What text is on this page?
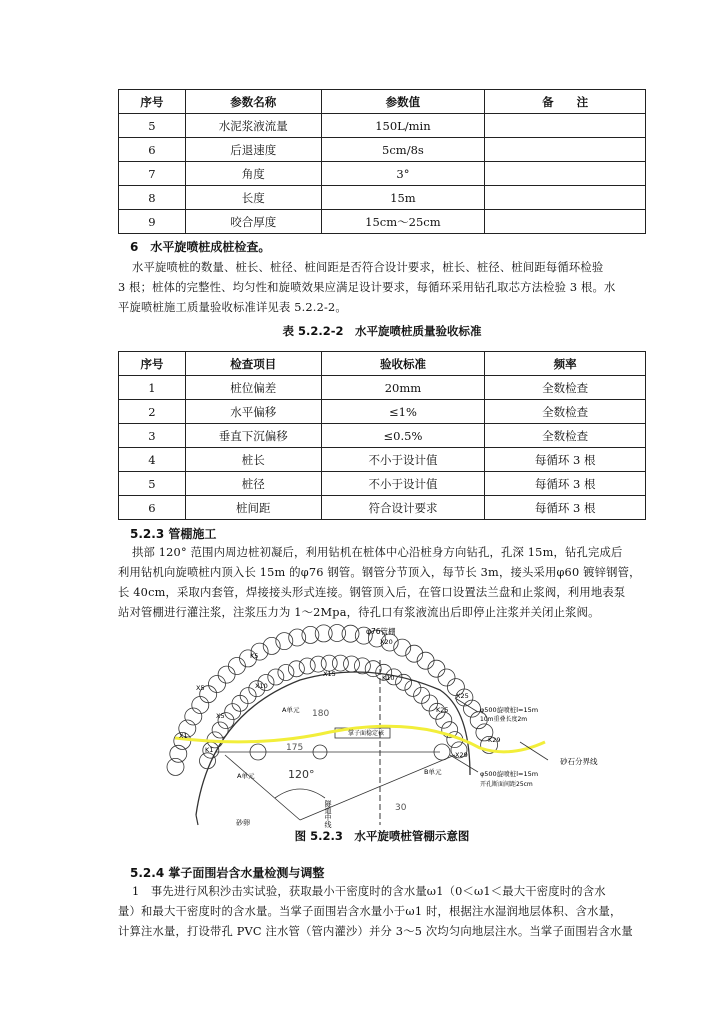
序号	参数名称	参数值	备　　注
5	水泥浆液流量	150L/min	
6	后退速度	5cm/8s	
7	角度	3°	
8	长度	15m	
9	咬合厚度	15cm～25cm	
6　水平旋喷桩成桩检查。

水平旋喷桩的数量、桩长、桩径、桩间距是否符合设计要求，桩长、桩径、桩间距每循环检验

3 根；桩体的完整性、均匀性和旋喷效果应满足设计要求，每循环采用钻孔取芯方法检验 3 根。水

平旋喷桩施工质量验收标准详见表 5.2.2-2。

表 5.2.2-2　水平旋喷桩质量验收标准
序号	检查项目	验收标准	频率
1	桩位偏差	20mm	全数检查
2	水平偏移	≤1%	全数检查
3	垂直下沉偏移	≤0.5%	全数检查
4	桩长	不小于设计值	每循环 3 根
5	桩径	不小于设计值	每循环 3 根
6	桩间距	符合设计要求	每循环 3 根
5.2.3 管棚施工

拱部 120° 范围内周边桩初凝后，利用钻机在桩体中心沿桩身方向钻孔，孔深 15m，钻孔完成后

利用钻机向旋喷桩内顶入长 15m 的φ76 钢管。钢管分节顶入，每节长 3m，接头采用φ60 镀锌钢管，

长 40cm，采取内套管，焊接接头形式连接。钢管顶入后，在管口设置法兰盘和止浆阀，利用地表泵

站对管棚进行灌注浆，注浆压力为 1～2Mpa，待孔口有浆液流出后即停止注浆并关闭止浆阀。

φ76管棚
X20
X15
K5
X10
K10
X5
X5
X1
K1
X25
K25
K29
X29
A单元
B单元
A单元
掌子面稳定核
180
175
30
120°
隧道中线
φ500旋喷桩l=15m
10m重叠长度2m
φ500旋喷桩l=15m
开孔断面间距25cm
砂石分界线
砂卵
图 5.2.3　水平旋喷桩管棚示意图
5.2.4 掌子面围岩含水量检测与调整

1　事先进行风积沙击实试验，获取最小干密度时的含水量ω1（0＜ω1＜最大干密度时的含水

量）和最大干密度时的含水量。当掌子面围岩含水量小于ω1 时，根据注水湿润地层体积、含水量，

计算注水量，打设带孔 PVC 注水管（管内灌沙）并分 3～5 次均匀向地层注水。当掌子面围岩含水量
